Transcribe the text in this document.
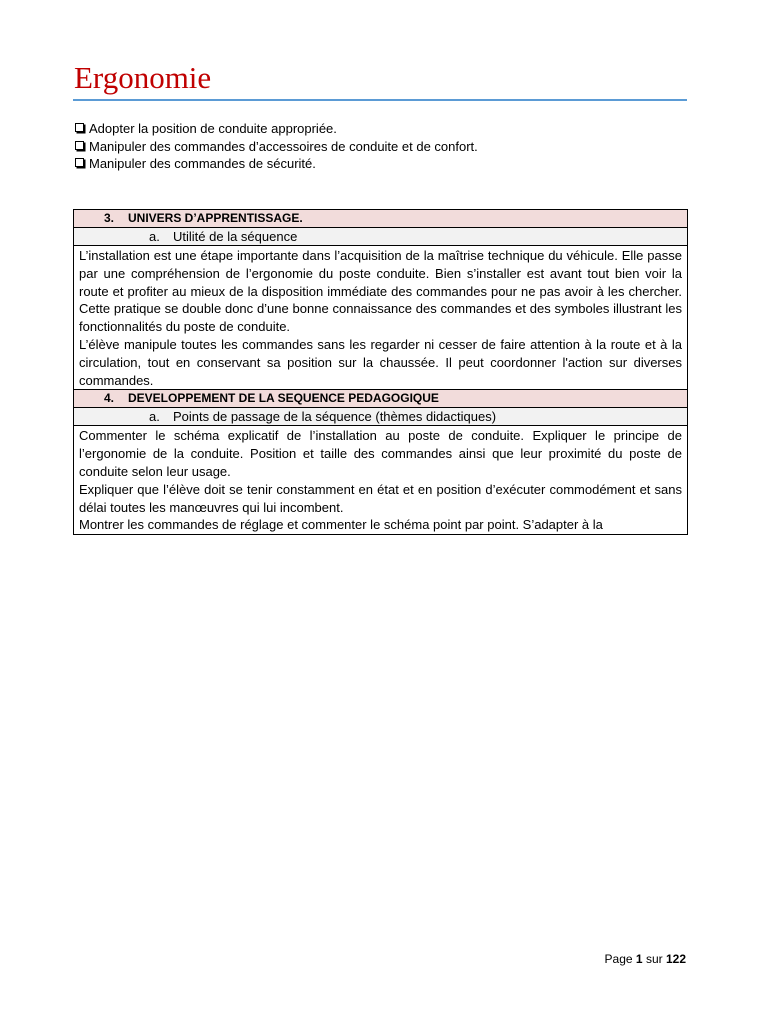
Ergonomie
Adopter la position de conduite appropriée.
Manipuler des commandes d’accessoires de conduite et de confort.
Manipuler des commandes de sécurité.
3. UNIVERS D’APPRENTISSAGE.
a. Utilité de la séquence

L’installation est une étape importante dans l’acquisition de la maîtrise technique du véhicule. Elle passe par une compréhension de l’ergonomie du poste conduite. Bien s’installer est avant tout bien voir la route et profiter au mieux de la disposition immédiate des commandes pour ne pas avoir à les chercher. Cette pratique se double donc d’une bonne connaissance des commandes et des symboles illustrant les fonctionnalités du poste de conduite.

L’élève manipule toutes les commandes sans les regarder ni cesser de faire attention à la route et à la circulation, tout en conservant sa position sur la chaussée. Il peut coordonner l'action sur diverses commandes.

4. DEVELOPPEMENT DE LA SEQUENCE PEDAGOGIQUE
a. Points de passage de la séquence (thèmes didactiques)

Commenter le schéma explicatif de l’installation au poste de conduite. Expliquer le principe de l’ergonomie de la conduite. Position et taille des commandes ainsi que leur proximité du poste de conduite selon leur usage.

Expliquer que l’élève doit se tenir constamment en état et en position d’exécuter commodément et sans délai toutes les manœuvres qui lui incombent.

Montrer les commandes de réglage et commenter le schéma point par point. S’adapter à la

Page 1 sur 122
